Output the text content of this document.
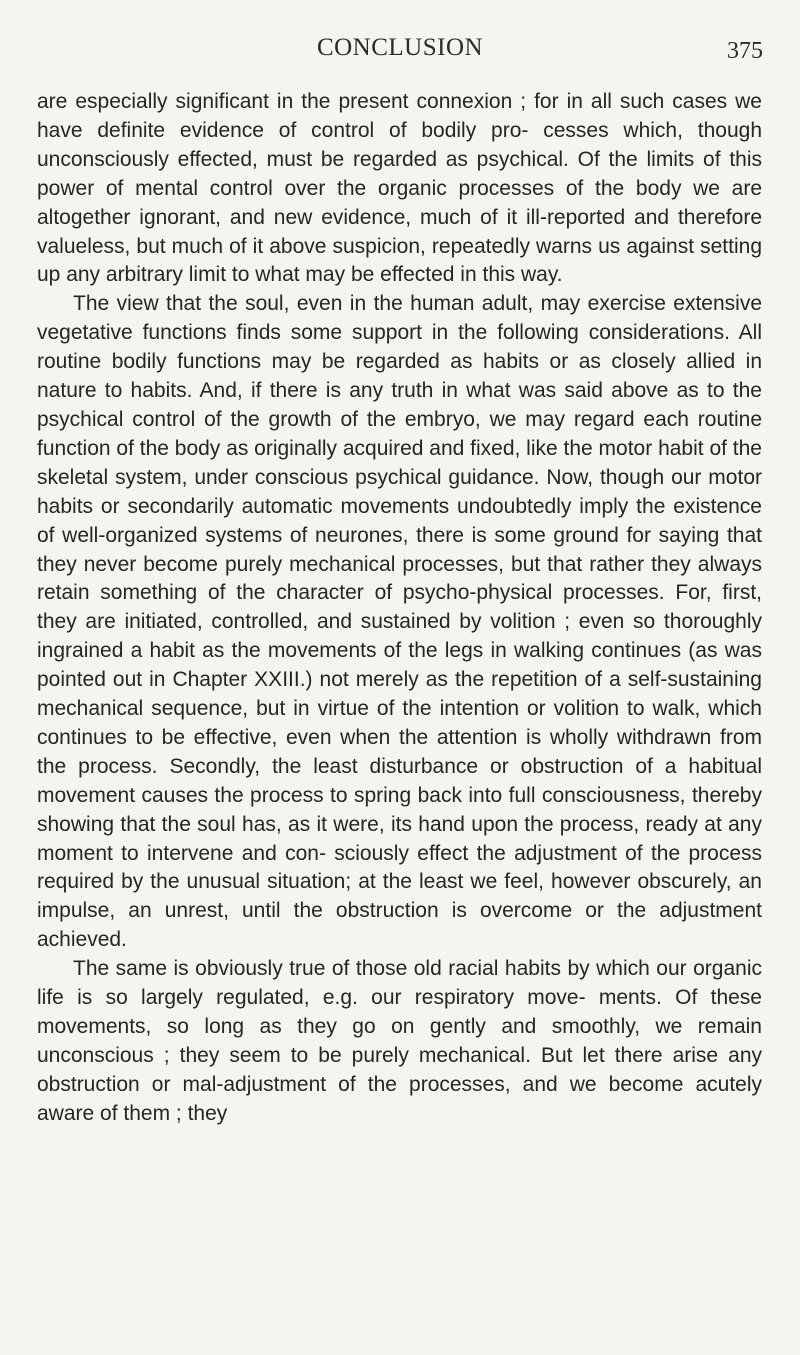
CONCLUSION	375

are especially significant in the present connexion ; for in all such cases we have definite evidence of control of bodily pro- cesses which, though unconsciously effected, must be regarded as psychical. Of the limits of this power of mental control over the organic processes of the body we are altogether ignorant, and new evidence, much of it ill-reported and therefore valueless, but much of it above suspicion, repeatedly warns us against setting up any arbitrary limit to what may be effected in this way.

The view that the soul, even in the human adult, may exercise extensive vegetative functions finds some support in the following considerations. All routine bodily functions may be regarded as habits or as closely allied in nature to habits. And, if there is any truth in what was said above as to the psychical control of the growth of the embryo, we may regard each routine function of the body as originally acquired and fixed, like the motor habit of the skeletal system, under conscious psychical guidance. Now, though our motor habits or secondarily automatic movements undoubtedly imply the existence of well-organized systems of neurones, there is some ground for saying that they never become purely mechanical processes, but that rather they always retain something of the character of psycho-physical processes. For, first, they are initiated, controlled, and sustained by volition ; even so thoroughly ingrained a habit as the movements of the legs in walking continues (as was pointed out in Chapter XXIII.) not merely as the repetition of a self-sustaining mechanical sequence, but in virtue of the intention or volition to walk, which continues to be effective, even when the attention is wholly withdrawn from the process. Secondly, the least disturbance or obstruction of a habitual movement causes the process to spring back into full consciousness, thereby showing that the soul has, as it were, its hand upon the process, ready at any moment to intervene and con- sciously effect the adjustment of the process required by the unusual situation; at the least we feel, however obscurely, an impulse, an unrest, until the obstruction is overcome or the adjustment achieved.

The same is obviously true of those old racial habits by which our organic life is so largely regulated, e.g. our respiratory move- ments. Of these movements, so long as they go on gently and smoothly, we remain unconscious ; they seem to be purely mechanical. But let there arise any obstruction or mal-adjustment of the processes, and we become acutely aware of them ; they
